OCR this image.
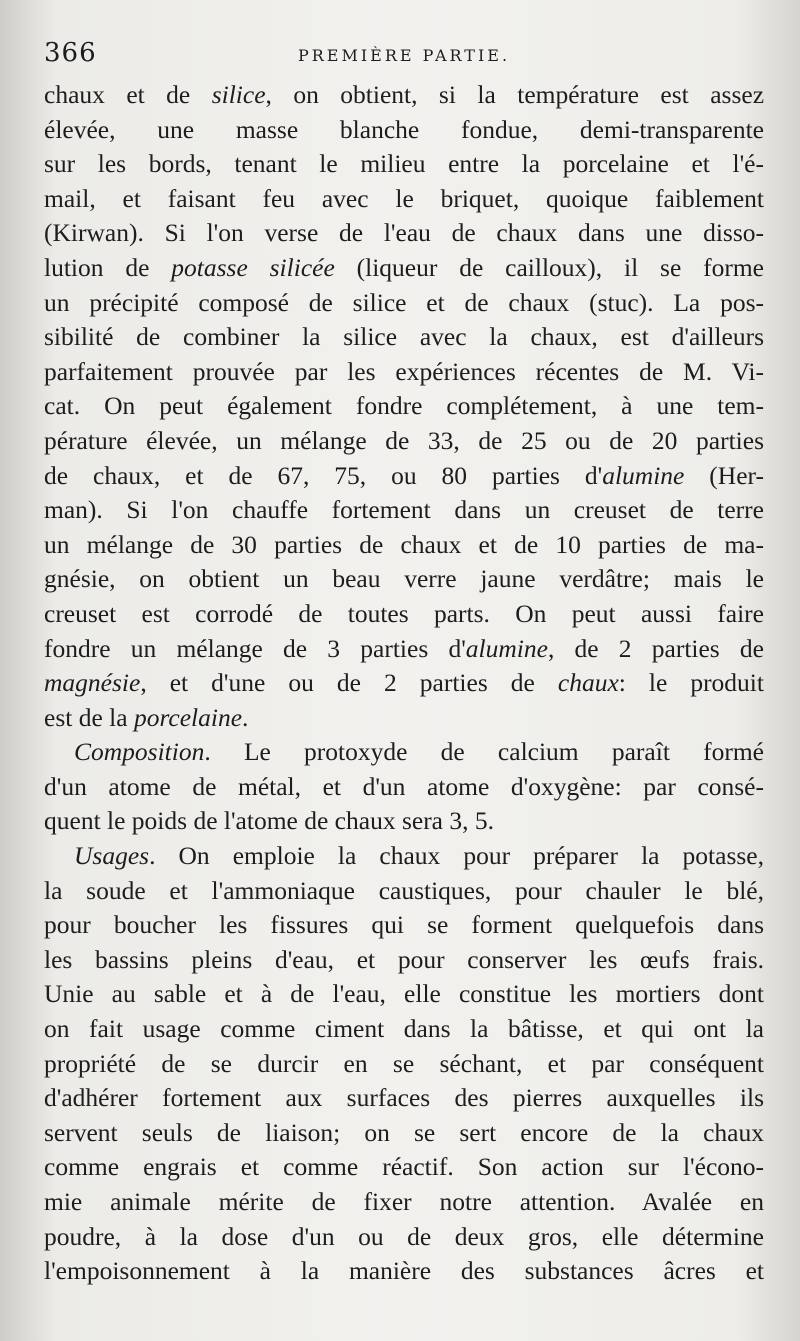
366	PREMIÈRE PARTIE.
chaux et de silice, on obtient, si la température est assez
élevée, une masse blanche fondue, demi-transparente
sur les bords, tenant le milieu entre la porcelaine et l'é-
mail, et faisant feu avec le briquet, quoique faiblement
(Kirwan). Si l'on verse de l'eau de chaux dans une disso-
lution de potasse silicée (liqueur de cailloux), il se forme
un précipité composé de silice et de chaux (stuc). La pos-
sibilité de combiner la silice avec la chaux, est d'ailleurs
parfaitement prouvée par les expériences récentes de M. Vi-
cat. On peut également fondre complétement, à une tem-
pérature élevée, un mélange de 33, de 25 ou de 20 parties
de chaux, et de 67, 75, ou 80 parties d'alumine (Her-
man). Si l'on chauffe fortement dans un creuset de terre
un mélange de 30 parties de chaux et de 10 parties de ma-
gnésie, on obtient un beau verre jaune verdâtre; mais le
creuset est corrodé de toutes parts. On peut aussi faire
fondre un mélange de 3 parties d'alumine, de 2 parties de
magnésie, et d'une ou de 2 parties de chaux: le produit
est de la porcelaine.
Composition. Le protoxyde de calcium paraît formé
d'un atome de métal, et d'un atome d'oxygène: par consé-
quent le poids de l'atome de chaux sera 3, 5.
Usages. On emploie la chaux pour préparer la potasse,
la soude et l'ammoniaque caustiques, pour chauler le blé,
pour boucher les fissures qui se forment quelquefois dans
les bassins pleins d'eau, et pour conserver les œufs frais.
Unie au sable et à de l'eau, elle constitue les mortiers dont
on fait usage comme ciment dans la bâtisse, et qui ont la
propriété de se durcir en se séchant, et par conséquent
d'adhérer fortement aux surfaces des pierres auxquelles ils
servent seuls de liaison; on se sert encore de la chaux
comme engrais et comme réactif. Son action sur l'écono-
mie animale mérite de fixer notre attention. Avalée en
poudre, à la dose d'un ou de deux gros, elle détermine
l'empoisonnement à la manière des substances âcres et
